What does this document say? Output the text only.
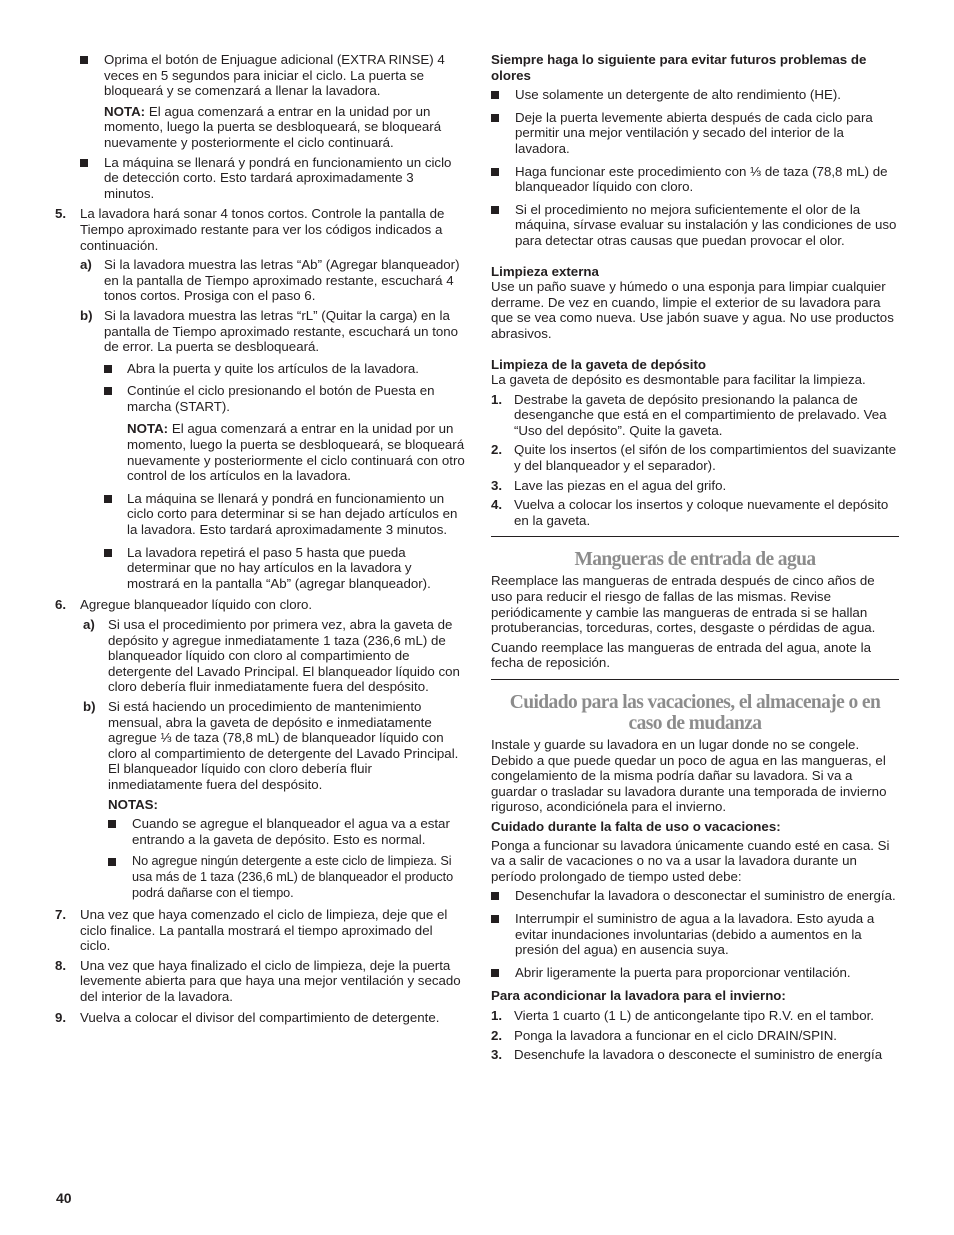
Oprima el botón de Enjuague adicional (EXTRA RINSE) 4 veces en 5 segundos para iniciar el ciclo. La puerta se bloqueará y se comenzará a llenar la lavadora.

NOTA: El agua comenzará a entrar en la unidad por un momento, luego la puerta se desbloqueará, se bloqueará nuevamente y posteriormente el ciclo continuará.

La máquina se llenará y pondrá en funcionamiento un ciclo de detección corto. Esto tardará aproximadamente 3 minutos.

5. La lavadora hará sonar 4 tonos cortos. Controle la pantalla de Tiempo aproximado restante para ver los códigos indicados a continuación.

a) Si la lavadora muestra las letras “Ab” (Agregar blanqueador) en la pantalla de Tiempo aproximado restante, escuchará 4 tonos cortos. Prosiga con el paso 6.

b) Si la lavadora muestra las letras “rL” (Quitar la carga) en la pantalla de Tiempo aproximado restante, escuchará un tono de error. La puerta se desbloqueará.

Abra la puerta y quite los artículos de la lavadora.

Continúe el ciclo presionando el botón de Puesta en marcha (START).

NOTA: El agua comenzará a entrar en la unidad por un momento, luego la puerta se desbloqueará, se bloqueará nuevamente y posteriormente el ciclo continuará con otro control de los artículos en la lavadora.

La máquina se llenará y pondrá en funcionamiento un ciclo corto para determinar si se han dejado artículos en la lavadora. Esto tardará aproximadamente 3 minutos.

La lavadora repetirá el paso 5 hasta que pueda determinar que no hay artículos en la lavadora y mostrará en la pantalla “Ab” (agregar blanqueador).

6. Agregue blanqueador líquido con cloro.

a) Si usa el procedimiento por primera vez, abra la gaveta de depósito y agregue inmediatamente 1 taza (236,6 mL) de blanqueador líquido con cloro al compartimiento de detergente del Lavado Principal. El blanqueador líquido con cloro debería fluir inmediatamente fuera del despósito.

b) Si está haciendo un procedimiento de mantenimiento mensual, abra la gaveta de depósito e inmediatamente agregue ⅓ de taza (78,8 mL) de blanqueador líquido con cloro al compartimiento de detergente del Lavado Principal. El blanqueador líquido con cloro debería fluir inmediatamente fuera del despósito.

NOTAS:

Cuando se agregue el blanqueador el agua va a estar entrando a la gaveta de depósito. Esto es normal.

No agregue ningún detergente a este ciclo de limpieza. Si usa más de 1 taza (236,6 mL) de blanqueador el producto podrá dañarse con el tiempo.

7. Una vez que haya comenzado el ciclo de limpieza, deje que el ciclo finalice. La pantalla mostrará el tiempo aproximado del ciclo.

8. Una vez que haya finalizado el ciclo de limpieza, deje la puerta levemente abierta para que haya una mejor ventilación y secado del interior de la lavadora.

9. Vuelva a colocar el divisor del compartimiento de detergente.

Siempre haga lo siguiente para evitar futuros problemas de olores

Use solamente un detergente de alto rendimiento (HE).

Deje la puerta levemente abierta después de cada ciclo para permitir una mejor ventilación y secado del interior de la lavadora.

Haga funcionar este procedimiento con ⅓ de taza (78,8 mL) de blanqueador líquido con cloro.

Si el procedimiento no mejora suficientemente el olor de la máquina, sírvase evaluar su instalación y las condiciones de uso para detectar otras causas que puedan provocar el olor.

Limpieza externa

Use un paño suave y húmedo o una esponja para limpiar cualquier derrame. De vez en cuando, limpie el exterior de su lavadora para que se vea como nueva. Use jabón suave y agua. No use productos abrasivos.

Limpieza de la gaveta de depósito

La gaveta de depósito es desmontable para facilitar la limpieza.

1. Destrabe la gaveta de depósito presionando la palanca de desenganche que está en el compartimiento de prelavado. Vea “Uso del depósito”. Quite la gaveta.

2. Quite los insertos (el sifón de los compartimientos del suavizante y del blanqueador y el separador).

3. Lave las piezas en el agua del grifo.

4. Vuelva a colocar los insertos y coloque nuevamente el depósito en la gaveta.

Mangueras de entrada de agua

Reemplace las mangueras de entrada después de cinco años de uso para reducir el riesgo de fallas de las mismas. Revise periódicamente y cambie las mangueras de entrada si se hallan protuberancias, torceduras, cortes, desgaste o pérdidas de agua.

Cuando reemplace las mangueras de entrada del agua, anote la fecha de reposición.

Cuidado para las vacaciones, el almacenaje o en
caso de mudanza

Instale y guarde su lavadora en un lugar donde no se congele. Debido a que puede quedar un poco de agua en las mangueras, el congelamiento de la misma podría dañar su lavadora. Si va a guardar o trasladar su lavadora durante una temporada de invierno riguroso, acondiciónela para el invierno.

Cuidado durante la falta de uso o vacaciones:

Ponga a funcionar su lavadora únicamente cuando esté en casa. Si va a salir de vacaciones o no va a usar la lavadora durante un período prolongado de tiempo usted debe:

Desenchufar la lavadora o desconectar el suministro de energía.

Interrumpir el suministro de agua a la lavadora. Esto ayuda a evitar inundaciones involuntarias (debido a aumentos en la presión del agua) en ausencia suya.

Abrir ligeramente la puerta para proporcionar ventilación.

Para acondicionar la lavadora para el invierno:

1. Vierta 1 cuarto (1 L) de anticongelante tipo R.V. en el tambor.

2. Ponga la lavadora a funcionar en el ciclo DRAIN/SPIN.

3. Desenchufe la lavadora o desconecte el suministro de energía

40
